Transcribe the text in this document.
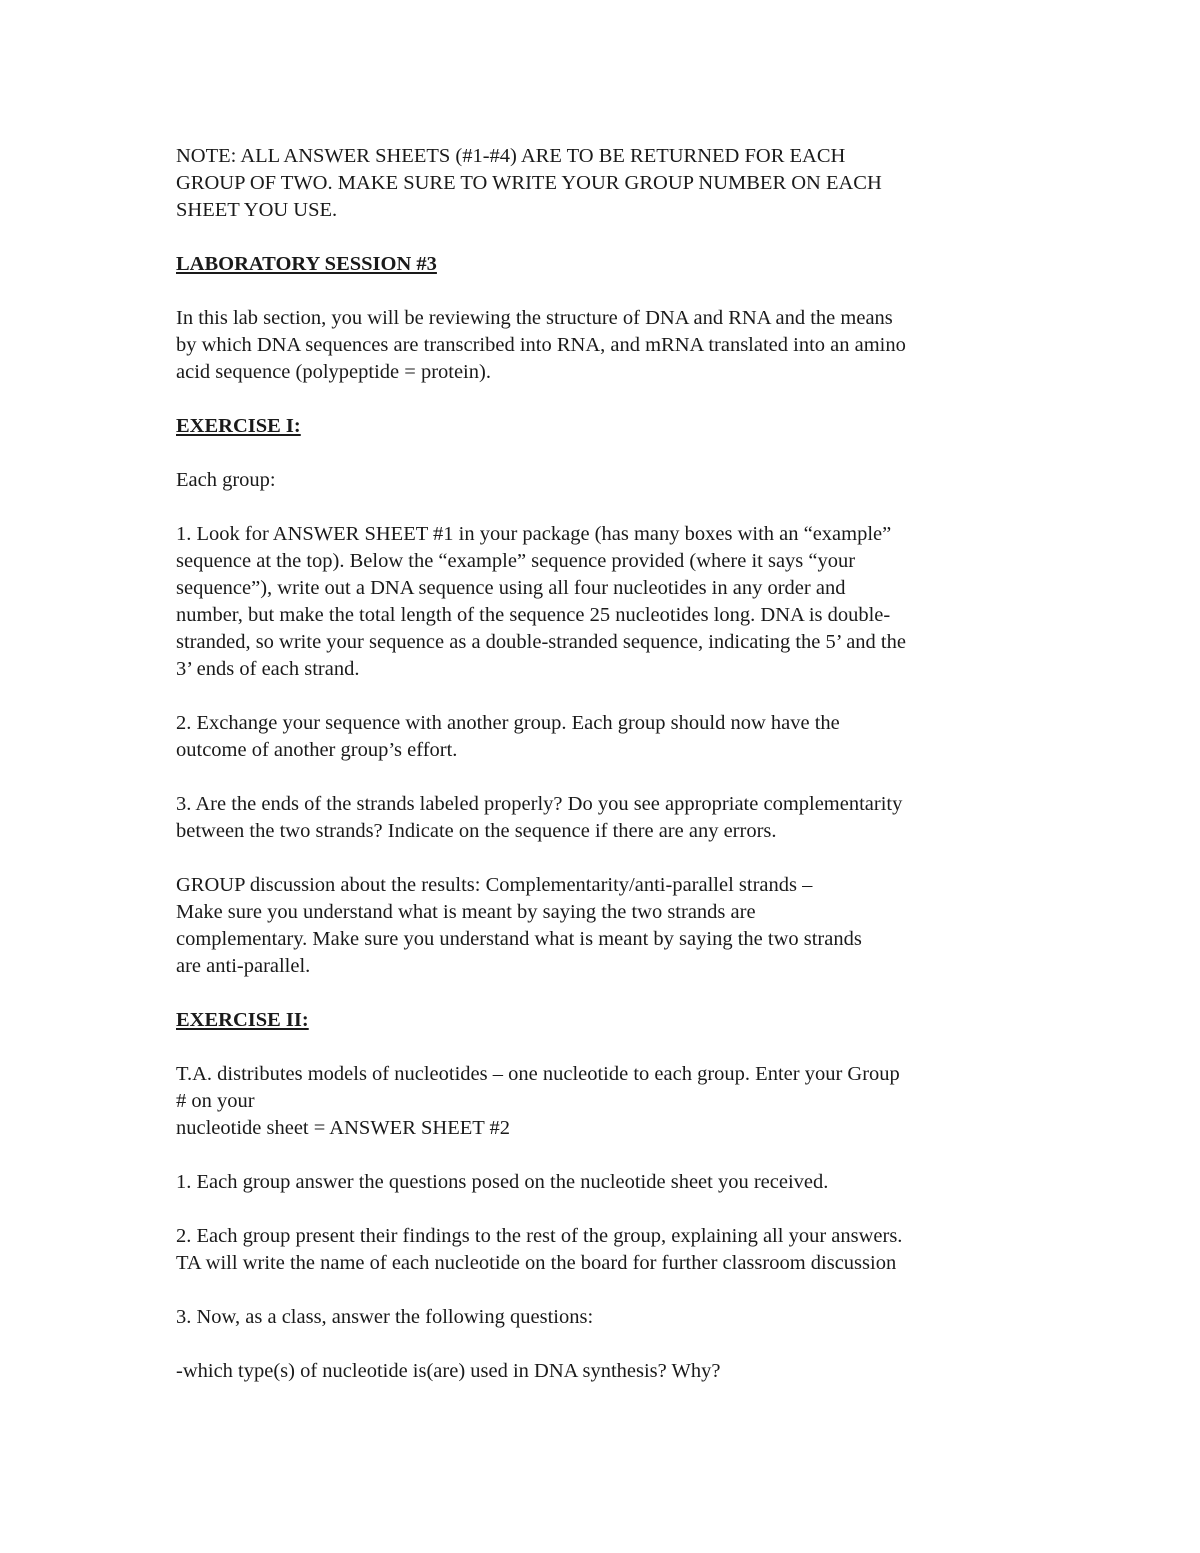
NOTE: ALL ANSWER SHEETS (#1-#4) ARE TO BE RETURNED FOR EACH
GROUP OF TWO. MAKE SURE TO WRITE YOUR GROUP NUMBER ON EACH
SHEET YOU USE.
LABORATORY SESSION #3
In this lab section, you will be reviewing the structure of DNA and RNA and the means
by which DNA sequences are transcribed into RNA, and mRNA translated into an amino
acid sequence (polypeptide = protein).
EXERCISE I:
Each group:
1. Look for ANSWER SHEET #1 in your package (has many boxes with an “example”
sequence at the top). Below the “example” sequence provided (where it says “your
sequence”), write out a DNA sequence using all four nucleotides in any order and
number, but make the total length of the sequence 25 nucleotides long. DNA is double-
stranded, so write your sequence as a double-stranded sequence, indicating the 5’ and the
3’ ends of each strand.
2. Exchange your sequence with another group. Each group should now have the
outcome of another group’s effort.
3. Are the ends of the strands labeled properly? Do you see appropriate complementarity
between the two strands? Indicate on the sequence if there are any errors.
GROUP discussion about the results: Complementarity/anti-parallel strands –
Make sure you understand what is meant by saying the two strands are
complementary. Make sure you understand what is meant by saying the two strands
are anti-parallel.
EXERCISE II:
T.A. distributes models of nucleotides – one nucleotide to each group. Enter your Group
# on your
nucleotide sheet = ANSWER SHEET #2
1. Each group answer the questions posed on the nucleotide sheet you received.
2. Each group present their findings to the rest of the group, explaining all your answers.
TA will write the name of each nucleotide on the board for further classroom discussion
3. Now, as a class, answer the following questions:
-which type(s) of nucleotide is(are) used in DNA synthesis? Why?
